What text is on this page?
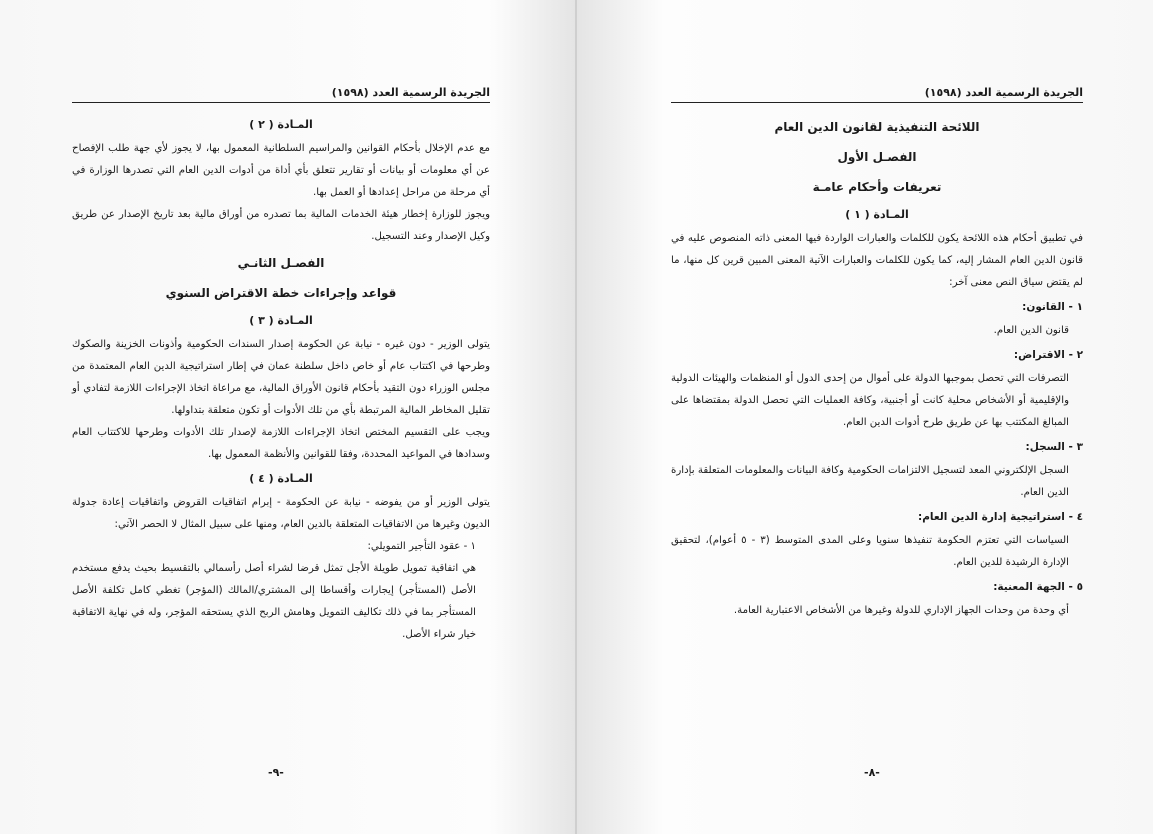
الجريدة الرسمية العدد (١٥٩٨)
المـادة ( ٢ )

مع عدم الإخلال بأحكام القوانين والمراسيم السلطانية المعمول بها، لا يجوز لأي جهة طلب الإفصاح عن أي معلومات أو بيانات أو تقارير تتعلق بأي أداة من أدوات الدين العام التي تصدرها الوزارة في أي مرحلة من مراحل إعدادها أو العمل بها.

ويجوز للوزارة إخطار هيئة الخدمات المالية بما تصدره من أوراق مالية بعد تاريخ الإصدار عن طريق وكيل الإصدار وعند التسجيل.

الفصـل الثانـي
قواعد وإجراءات خطة الاقتراض السنوي
المـادة ( ٣ )

يتولى الوزير - دون غيره - نيابة عن الحكومة إصدار السندات الحكومية وأذونات الخزينة والصكوك وطرحها في اكتتاب عام أو خاص داخل سلطنة عمان في إطار استراتيجية الدين العام المعتمدة من مجلس الوزراء دون التقيد بأحكام قانون الأوراق المالية، مع مراعاة اتخاذ الإجراءات اللازمة لتفادي أو تقليل المخاطر المالية المرتبطة بأي من تلك الأدوات أو تكون متعلقة بتداولها.

ويجب على التقسيم المختص اتخاذ الإجراءات اللازمة لإصدار تلك الأدوات وطرحها للاكتتاب العام وسدادها في المواعيد المحددة، وفقا للقوانين والأنظمة المعمول بها.

المـادة ( ٤ )

يتولى الوزير أو من يفوضه - نيابة عن الحكومة - إبرام اتفاقيات القروض واتفاقيات إعادة جدولة الديون وغيرها من الاتفاقيات المتعلقة بالدين العام، ومنها على سبيل المثال لا الحصر الآتي:

١ - عقود التأجير التمويلي:

هي اتفاقية تمويل طويلة الأجل تمثل قرضا لشراء أصل رأسمالي بالتقسيط بحيث يدفع مستخدم الأصل (المستأجر) إيجارات وأقساطا إلى المشتري/المالك (المؤجر) تغطي كامل تكلفة الأصل المستأجر بما في ذلك تكاليف التمويل وهامش الربح الذي يستحقه المؤجر، وله في نهاية الاتفاقية خيار شراء الأصل.

-٩-
الجريدة الرسمية العدد (١٥٩٨)
اللائحة التنفيذية لقانون الدين العام
الفصـل الأول
تعريفات وأحكام عامـة
المـادة ( ١ )

في تطبيق أحكام هذه اللائحة يكون للكلمات والعبارات الواردة فيها المعنى ذاته المنصوص عليه في قانون الدين العام المشار إليه، كما يكون للكلمات والعبارات الآتية المعنى المبين قرين كل منها، ما لم يقتض سياق النص معنى آخر:

١ - القانون:

قانون الدين العام.

٢ - الاقتراض:

التصرفات التي تحصل بموجبها الدولة على أموال من إحدى الدول أو المنظمات والهيئات الدولية والإقليمية أو الأشخاص محلية كانت أو أجنبية، وكافة العمليات التي تحصل الدولة بمقتضاها على المبالغ المكتتب بها عن طريق طرح أدوات الدين العام.

٣ - السجل:

السجل الإلكتروني المعد لتسجيل الالتزامات الحكومية وكافة البيانات والمعلومات المتعلقة بإدارة الدين العام.

٤ - استراتيجية إدارة الدين العام:

السياسات التي تعتزم الحكومة تنفيذها سنويا وعلى المدى المتوسط (٣ - ٥ أعوام)، لتحقيق الإدارة الرشيدة للدين العام.

٥ - الجهة المعنية:

أي وحدة من وحدات الجهاز الإداري للدولة وغيرها من الأشخاص الاعتبارية العامة.

-٨-
